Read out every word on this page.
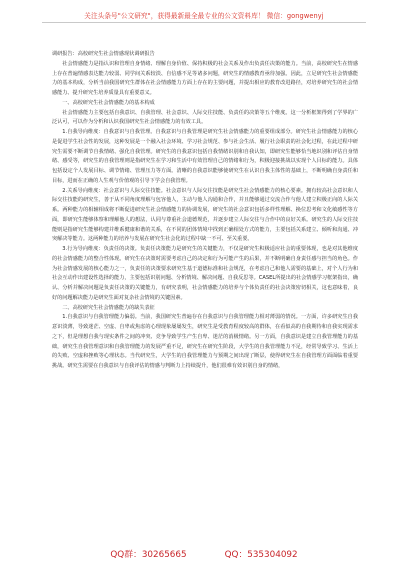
关注头条号"公文研究"，获得最新最全最专业的公文资料库！ 微信：gongwenyj

调研报告：高校研究生社会情感现状调研报告

社会情感能力是指认识和管理自身情绪、理解自身价值、保持积极的社会关系及作出负责任决策的能力。当前，高校研究生在情感上存在普遍情感表达能力较弱、同学间关系较淡、自信感不足等诸多问题，研究生的情感教育亟待加强。因此，立足研究生社会情感能力的基本构成，分析当前我国研究生群体在社会情感能力方面上存在的主要问题，并提出相应的教育改进路径，对培养研究生的社会情感能力、提升研究生培养质量具有重要意义。

一、高校研究生社会情感能力的基本构成

社会情感能力主要包括自我意识、自我管理、社会意识、人际交往技能、负责任的决策等五个维度。这一分析框架得到了学界的广泛认可，可以作为分析和认识我国研究生社会情感能力的有效工具。

1.自我导向维度：自我意识与自我管理。自我意识与自我管理是研究生社会情感能力的重要组成部分。研究生社会情感能力的核心是促进学生社会性的发展，这种发展是一个融入社会环境、学习社会规范、参与社会生活、履行社会职责的社会化过程，在此过程中研究生需要不断调节自我情绪、强化自我管理。研究生的自我意识包括自我情绪识别和自我认知，即研究生能够恰当地识别和评估自身情绪、感受等，研究生的自我管理则是指研究生在学习和生活中有效管理自己的情绪和行为，积极迎接挑战以实现个人目标的能力。具体包括设定个人发展目标、调节情绪、管理压力等方面。清晰的自我意识能够使研究生在认识自我主体性的基础上，不断明确自身责任和目标，进而在正确的人生观与价值观的引导下学会自我管理。

2.关系导向维度：社会意识与人际交往技能。社会意识与人际交往技能是研究生社会情感能力的核心要素。拥有较高社会意识和人际交往技能的研究生，善于从不同角度理解与包容他人，主动与他人沟通和合作，并且能够通过交流合作与他人建立积极正向的人际关系。两种能力的相辅相成将不断促进研究生社会情感能力的协调发展，研究生的社会意识包括多样性理解、换位思考和文化敏感性等方面，即研究生能够体察和理解他人的想法，认同与尊重社会道德规范，并逐步建立人际交往与合作中的良好关系。研究生的人际交往技能则是指研究生能够构建并维系健康和谐的关系，在不同的团体情境中找到正确相处方式的能力，主要包括关系建立、倾听和沟通、冲突解决等能力。这两种能力的培养与发展在研究生社会化的过程中缺一不可、至关重要。

3.行为导向维度：负责任的决策。负责任决策能力是研究生的关键能力，不仅是研究生积极适应社会的重要体现，也是对其他维度的社会情感能力的整合性体现。研究生在决策时需要考虑自己的决定和行为可能产生的后果，并不断明确自身责任感与担当的角色。作为社会情感发展的核心能力之一，负责任的决策要求研究生基于道德标准和社会规范，在考虑自己和他人需要的基础上，对个人行为和社会互动作出建设性选择的能力，主要包括识别问题、分析情境、解决问题、自我反思等。CASEL所提出的社会情感学习框架指出，确认、分析并解决问题是负责任决策的关键能力，有研究表明，社会情感能力的培养与个体负责任的社会决策密切相关，这也意味着，良好的问题解决能力是研究生面对复杂社会情境的关键因素。

二、高校研究生社会情感能力的缺失表征

1.自我意识与自我管理能力偏弱。当前，我国研究生普遍存在自我意识与自我管理能力相对薄弱的情况。一方面，许多研究生自我意识淡薄，导致迷茫、空虚、自卑或焦虑的心理现象屡屡发生，研究生是受教育程度较高的群体，在看似高的自我期待和自我实现需求之下，但是理想自我与现实条件之间的冲突、竞争导致学生产生自卑、迷茫的消极情绪。另一方面，自我意识是建立自我管理能力的基础，研究生自我管理意识和自我管理能力的发展严重不足，研究生在研究生阶段，大学生的自我管理能力不足，经常导致学习、生活上的失败、空虚和挫败等心理状态。当代研究生，大学生的自我管理能力与预期之间出现了断层，使得研究生在自我管理方面面临着重要挑战。研究生需要在自我意识与自我评估的情感与判断力上持续提升，他们很难有效识别自身的情绪，

QQ群：30265665	QQ：535304092
